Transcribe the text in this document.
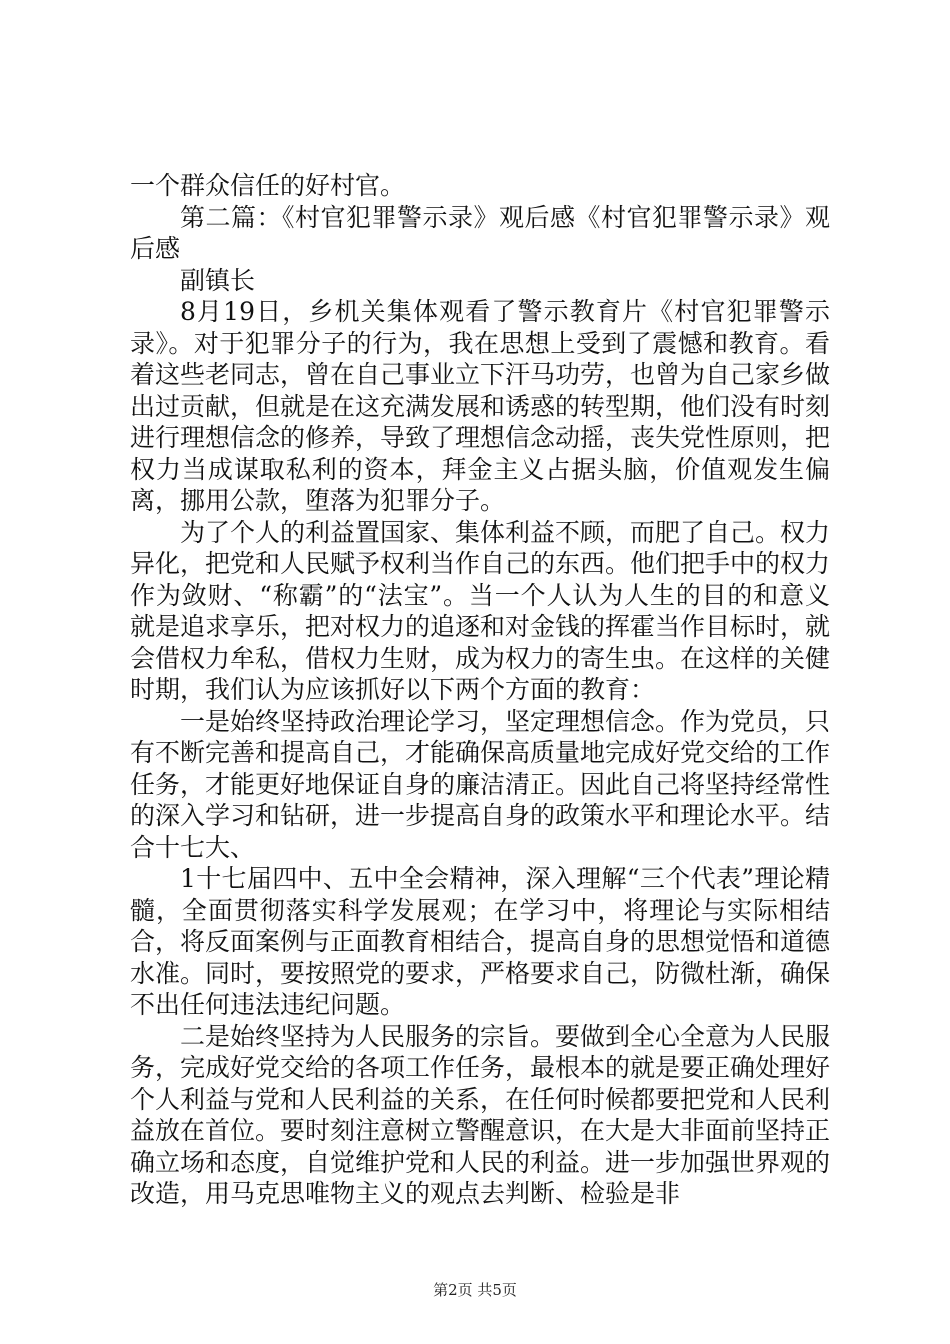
一个群众信任的好村官。

第二篇：《村官犯罪警示录》观后感《村官犯罪警示录》观后感

副镇长

8月19日，乡机关集体观看了警示教育片《村官犯罪警示录》。对于犯罪分子的行为，我在思想上受到了震憾和教育。看着这些老同志，曾在自己事业立下汗马功劳，也曾为自己家乡做出过贡献，但就是在这充满发展和诱惑的转型期，他们没有时刻进行理想信念的修养，导致了理想信念动摇，丧失党性原则，把权力当成谋取私利的资本，拜金主义占据头脑，价值观发生偏离，挪用公款，堕落为犯罪分子。

为了个人的利益置国家、集体利益不顾，而肥了自己。权力异化，把党和人民赋予权利当作自己的东西。他们把手中的权力作为敛财、“称霸”的“法宝”。当一个人认为人生的目的和意义就是追求享乐，把对权力的追逐和对金钱的挥霍当作目标时，就会借权力牟私，借权力生财，成为权力的寄生虫。在这样的关健时期，我们认为应该抓好以下两个方面的教育：

一是始终坚持政治理论学习，坚定理想信念。作为党员，只有不断完善和提高自己，才能确保高质量地完成好党交给的工作任务，才能更好地保证自身的廉洁清正。因此自己将坚持经常性的深入学习和钻研，进一步提高自身的政策水平和理论水平。结合十七大、

1十七届四中、五中全会精神，深入理解“三个代表”理论精髓，全面贯彻落实科学发展观；在学习中，将理论与实际相结合，将反面案例与正面教育相结合，提高自身的思想觉悟和道德水准。同时，要按照党的要求，严格要求自己，防微杜渐，确保不出任何违法违纪问题。

二是始终坚持为人民服务的宗旨。要做到全心全意为人民服务，完成好党交给的各项工作任务，最根本的就是要正确处理好个人利益与党和人民利益的关系，在任何时候都要把党和人民利益放在首位。要时刻注意树立警醒意识，在大是大非面前坚持正确立场和态度，自觉维护党和人民的利益。进一步加强世界观的改造，用马克思唯物主义的观点去判断、检验是非

第2页 共5页
